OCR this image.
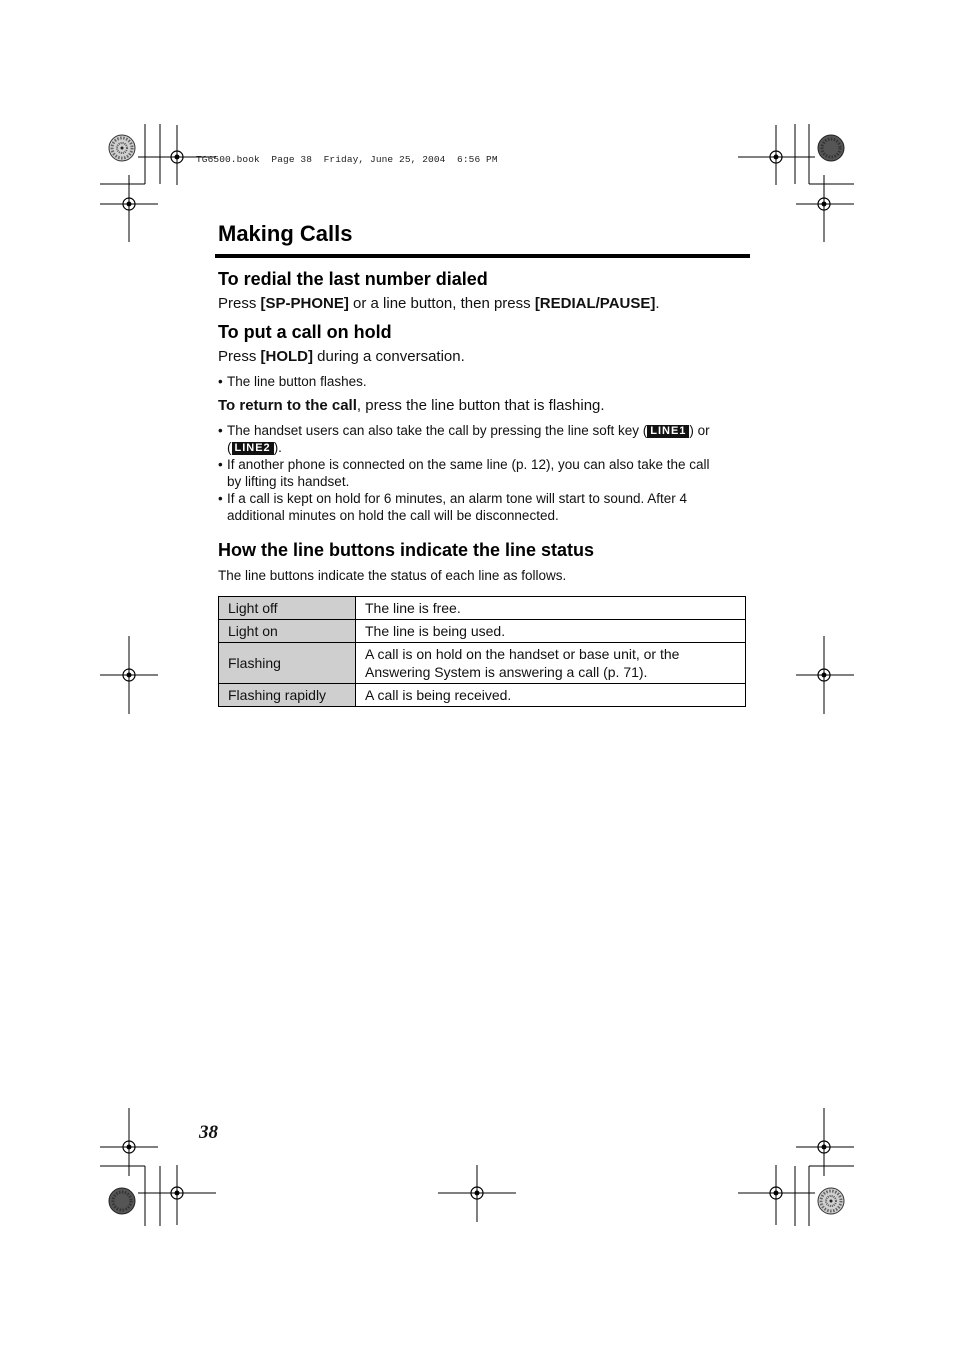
TG6500.book  Page 38  Friday, June 25, 2004  6:56 PM
Making Calls
To redial the last number dialed

Press [SP-PHONE] or a line button, then press [REDIAL/PAUSE].

To put a call on hold

Press [HOLD] during a conversation.

• The line button flashes.

To return to the call, press the line button that is flashing.

• The handset users can also take the call by pressing the line soft key ( LINE1 ) or
( LINE2 ).
• If another phone is connected on the same line (p. 12), you can also take the call
by lifting its handset.
• If a call is kept on hold for 6 minutes, an alarm tone will start to sound. After 4
additional minutes on hold the call will be disconnected.
How the line buttons indicate the line status

The line buttons indicate the status of each line as follows.

Light off	The line is free.
Light on	The line is being used.
Flashing	A call is on hold on the handset or base unit, or the
Answering System is answering a call (p. 71).
Flashing rapidly	A call is being received.
38
